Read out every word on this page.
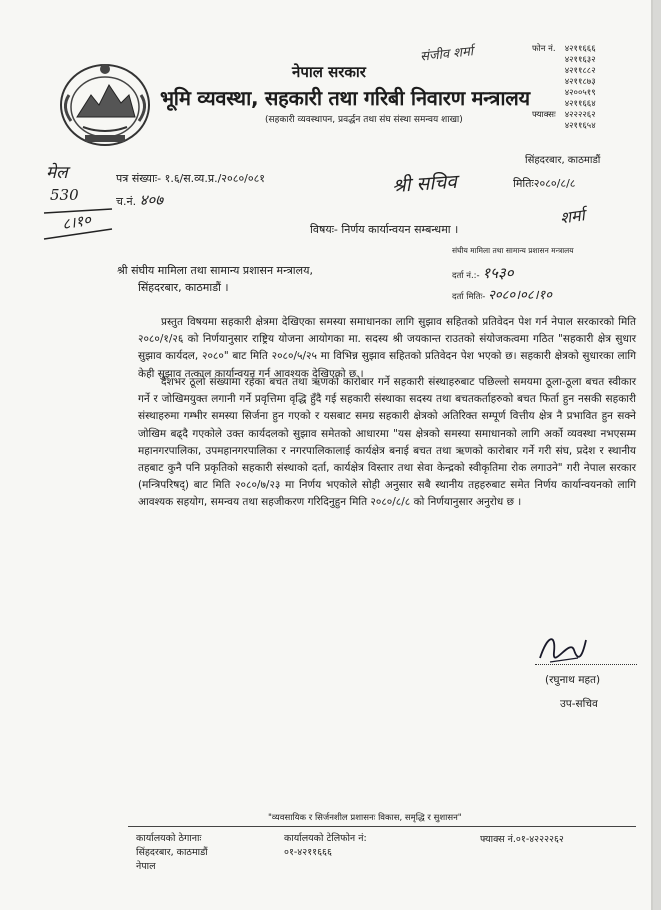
नेपाल सरकार
भूमि व्यवस्था, सहकारी तथा गरिबी निवारण मन्त्रालय
(सहकारी व्यवस्थापन, प्रवर्द्धन तथा संघ संस्था समन्वय शाखा)
फोन नं. ४२११६६६
४२११६३२
४२११८८२
४२११८७३
४२००५१९
४२११६६४
फ्याक्सः ४२२२२६२
४२११६५४
सिंहदरबार, काठमाडौं
संजीव शर्मा
मेल
530
८।१०
पत्र संख्याः- १.६/स.व्य.प्र./२०८०/०८१
च.नं. ४०७
श्री सचिव	मितिः२०८०/८/८
शर्मा
विषयः- निर्णय कार्यान्वयन सम्बन्धमा ।
श्री संघीय मामिला तथा सामान्य प्रशासन मन्त्रालय,
सिंहदरबार, काठमाडौं ।
संघीय मामिला तथा सामान्य प्रशासन मन्त्रालय
दर्ता नं.:- १५३०
दर्ता मितिः- २०८०।०८।१०
प्रस्तुत विषयमा सहकारी क्षेत्रमा देखिएका समस्या समाधानका लागि सुझाव सहितको प्रतिवेदन पेश गर्न नेपाल सरकारको मिति २०८०/१/२६ को निर्णयानुसार राष्ट्रिय योजना आयोगका मा. सदस्य श्री जयकान्त राउतको संयोजकत्वमा गठित "सहकारी क्षेत्र सुधार सुझाव कार्यदल, २०८०" बाट मिति २०८०/५/२५ मा विभिन्न सुझाव सहितको प्रतिवेदन पेश भएको छ। सहकारी क्षेत्रको सुधारका लागि केही सुझाव तत्काल कार्यान्वयन गर्न आवश्यक देखिएको छ ।
देशभर ठूलो संख्यामा रहेका बचत तथा ऋणको कारोबार गर्ने सहकारी संस्थाहरुबाट पछिल्लो समयमा ठूला-ठूला बचत स्वीकार गर्ने र जोखिमयुक्त लगानी गर्ने प्रवृत्तिमा वृद्धि हुँदै गई सहकारी संस्थाका सदस्य तथा बचतकर्ताहरुको बचत फिर्ता हुन नसकी सहकारी संस्थाहरुमा गम्भीर समस्या सिर्जना हुन गएको र यसबाट समग्र सहकारी क्षेत्रको अतिरिक्त सम्पूर्ण वित्तीय क्षेत्र नै प्रभावित हुन सक्ने जोखिम बढ्दै गएकोले उक्त कार्यदलको सुझाव समेतको आधारमा "यस क्षेत्रको समस्या समाधानको लागि अर्को व्यवस्था नभएसम्म महानगरपालिका, उपमहानगरपालिका र नगरपालिकालाई कार्यक्षेत्र बनाई बचत तथा ऋणको कारोबार गर्ने गरी संघ, प्रदेश र स्थानीय तहबाट कुनै पनि प्रकृतिको सहकारी संस्थाको दर्ता, कार्यक्षेत्र विस्तार तथा सेवा केन्द्रको स्वीकृतिमा रोक लगाउने" गरी नेपाल सरकार (मन्त्रिपरिषद्) बाट मिति २०८०/७/२३ मा निर्णय भएकोले सोही अनुसार सबै स्थानीय तहहरुबाट समेत निर्णय कार्यान्वयनको लागि आवश्यक सहयोग, समन्वय तथा सहजीकरण गरिदिनुहुन मिति २०८०/८/८ को निर्णयानुसार अनुरोध छ ।
(रघुनाथ महत)
उप-सचिव
"व्यवसायिक र सिर्जनशील प्रशासनः विकास, समृद्धि र सुशासन"
कार्यालयको ठेगानाः
सिंहदरबार, काठमाडौं
नेपाल
कार्यालयको टेलिफोन नं:
०१-४२११६६६
फ्याक्स नं.०१-४२२२२६२
